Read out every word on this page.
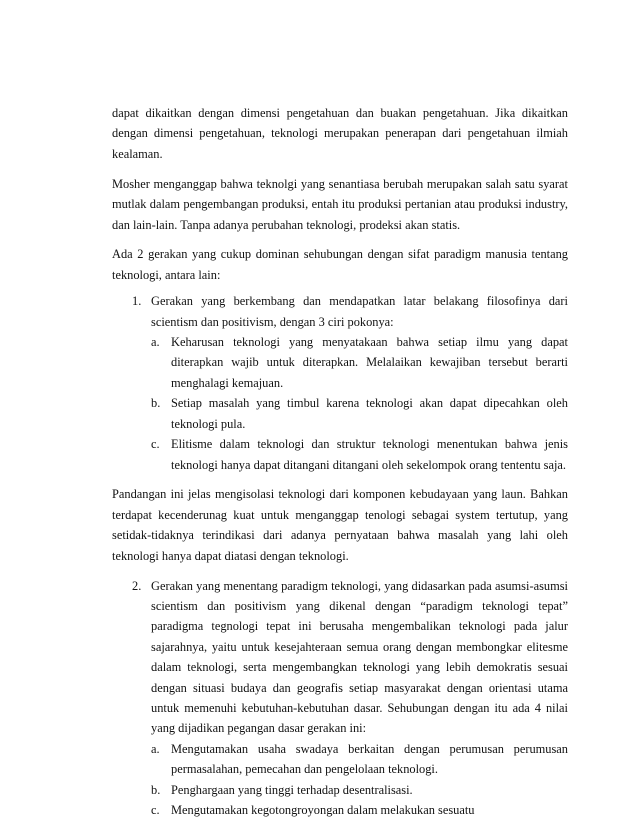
dapat dikaitkan dengan dimensi pengetahuan dan buakan pengetahuan. Jika dikaitkan dengan dimensi pengetahuan, teknologi merupakan penerapan dari pengetahuan ilmiah kealaman.

Mosher menganggap bahwa teknolgi yang senantiasa berubah merupakan salah satu syarat mutlak dalam pengembangan produksi, entah itu produksi pertanian atau produksi industry, dan lain-lain. Tanpa adanya perubahan teknologi, prodeksi akan statis.

Ada 2 gerakan yang cukup dominan sehubungan dengan sifat paradigm manusia tentang teknologi, antara lain:

1. Gerakan yang berkembang dan mendapatkan latar belakang filosofinya dari scientism dan positivism, dengan 3 ciri pokonya:
a. Keharusan teknologi yang menyatakaan bahwa setiap ilmu yang dapat diterapkan wajib untuk diterapkan. Melalaikan kewajiban tersebut berarti menghalagi kemajuan.
b. Setiap masalah yang timbul karena teknologi akan dapat dipecahkan oleh teknologi pula.
c. Elitisme dalam teknologi dan struktur teknologi menentukan bahwa jenis teknologi hanya dapat ditangani ditangani oleh sekelompok orang tententu saja.

Pandangan ini jelas mengisolasi teknologi dari komponen kebudayaan yang laun. Bahkan terdapat kecenderunag kuat untuk menganggap tenologi sebagai system tertutup, yang setidak-tidaknya terindikasi dari adanya pernyataan bahwa masalah yang lahi oleh teknologi hanya dapat diatasi dengan teknologi.

2. Gerakan yang menentang paradigm teknologi, yang didasarkan pada asumsi-asumsi scientism dan positivism yang dikenal dengan “paradigm teknologi tepat” paradigma tegnologi tepat ini berusaha mengembalikan teknologi pada jalur sajarahnya, yaitu untuk kesejahteraan semua orang dengan membongkar elitesme dalam teknologi, serta mengembangkan teknologi yang lebih demokratis sesuai dengan situasi budaya dan geografis setiap masyarakat dengan orientasi utama untuk memenuhi kebutuhan-kebutuhan dasar. Sehubungan dengan itu ada 4 nilai yang dijadikan pegangan dasar gerakan ini:
a. Mengutamakan usaha swadaya berkaitan dengan perumusan perumusan permasalahan, pemecahan dan pengelolaan teknologi.
b. Penghargaan yang tinggi terhadap desentralisasi.
c. Mengutamakan kegotongroyongan dalam melakukan sesuatu
